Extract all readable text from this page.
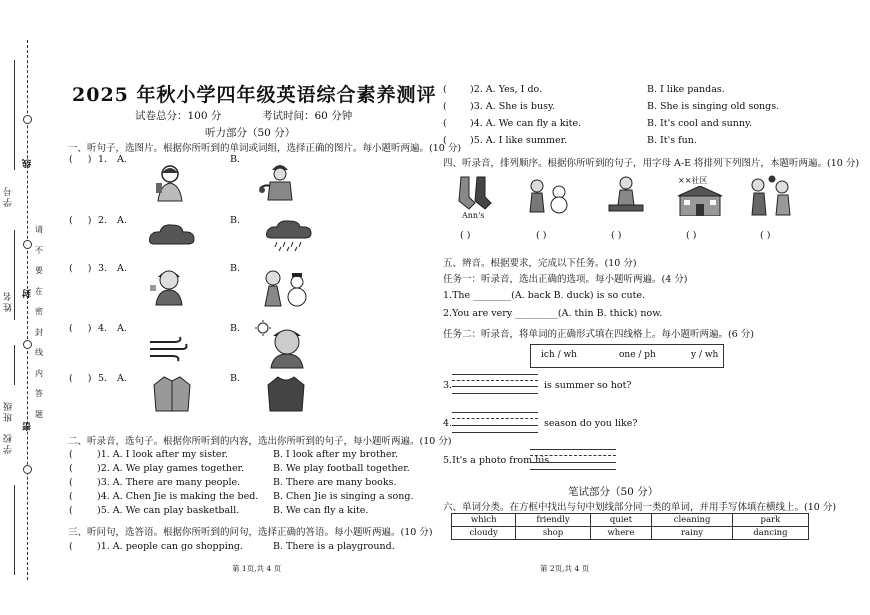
学号
姓名
班级
学校
线
封
密
请
不
要
在
密
封
线
内
答
题
2025 年秋小学四年级英语综合素养测评
试卷总分：100 分	考试时间：60 分钟
听力部分（50 分）
一、听句子，选图片。根据你所听到的单词或词组，选择正确的图片。每小题听两遍。(10 分)
(     ) 1. A.	B.
(     ) 2. A.	B.
(     ) 3. A.	B.
(     ) 4. A.	B.
(     ) 5. A.	B.
二、听录音，选句子。根据你所听到的内容，选出你所听到的句子，每小题听两遍。(10 分)
(	)1. A. I look after my sister.	B. I look after my brother.
(	)2. A. We play games together.	B. We play football together.
(	)3. A. There are many people.	B. There are many books.
(	)4. A. Chen Jie is making the bed. B. Chen Jie is singing a song.
(	)5. A. We can play basketball.	B. We can fly a kite.
三、听问句，选答语。根据你所听到的问句，选择正确的答语。每小题听两遍。(10 分)
(	)1. A. people can go shopping.	B. There is a playground.
第 1页,共 4 页
( )2. A. Yes, I do.	B. I like pandas.
( )3. A. She is busy.	B. She is singing old songs.
( )4. A. We can fly a kite.	B. It's cool and sunny.
( )5. A. I like summer.	B. It's fun.
四、听录音，排列顺序。根据你所听到的句子，用字母 A-E 将排列下列图片，本题听两遍。(10 分)
Ann's
××社区
( )	( )	( )	( )	( )
五、辨音。根据要求，完成以下任务。(10 分)
任务一：听录音，选出正确的选项。每小题听两遍。(4 分)
1.The ________(A. back B. duck) is so cute.
2.You are very _________(A. thin B. thick) now.
任务二：听录音，将单词的正确形式填在四线格上。每小题听两遍。(6 分)
ich / wh	one / ph	y / wh
3.	is summer so hot?
4.	season do you like?
5.It's a photo from his
笔试部分（50 分）
六、单词分类。在方框中找出与句中划线部分同一类的单词，并用手写体填在横线上。(10 分)
which	friendly	quiet	cleaning	park
cloudy	shop	where	rainy	dancing
第 2页,共 4 页
